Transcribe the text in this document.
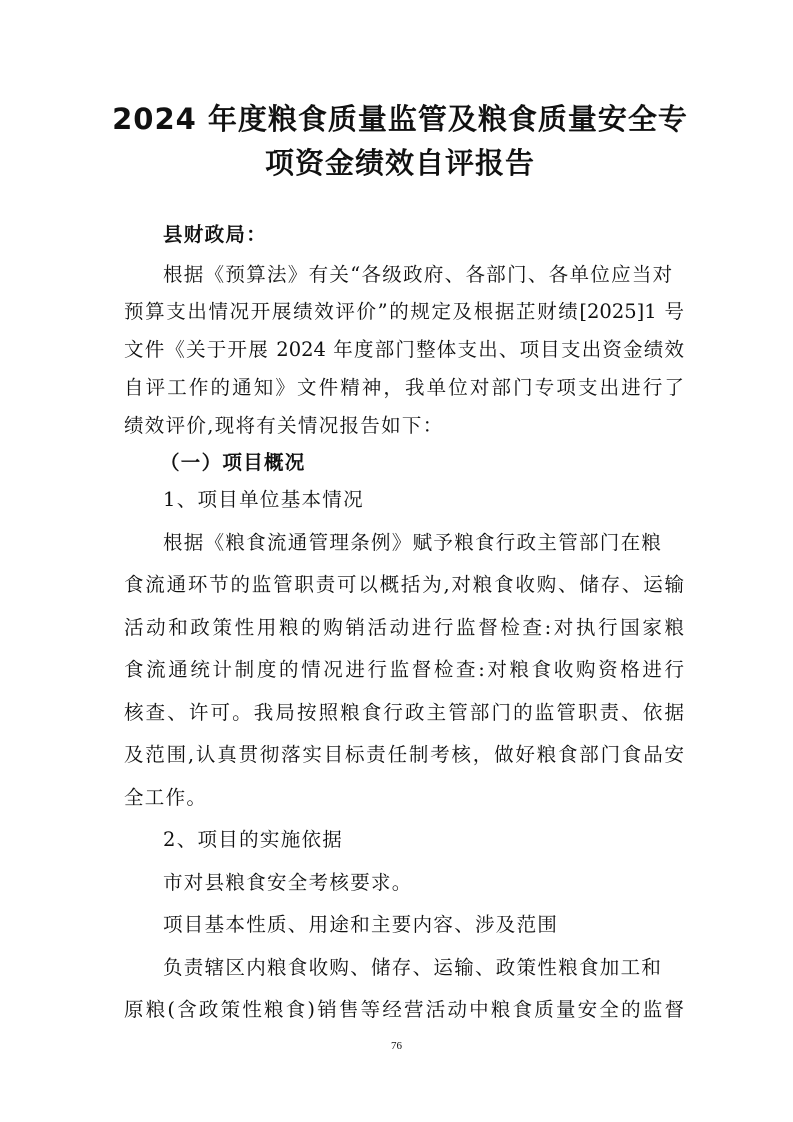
2024 年度粮食质量监管及粮食质量安全专
项资金绩效自评报告

县财政局：

根据《预算法》有关“各级政府、各部门、各单位应当对

预算支出情况开展绩效评价”的规定及根据芷财绩[2025]1 号

文件《关于开展 2024 年度部门整体支出、项目支出资金绩效

自评工作的通知》文件精神，我单位对部门专项支出进行了

绩效评价,现将有关情况报告如下：

（一）项目概况

1、项目单位基本情况

根据《粮食流通管理条例》赋予粮食行政主管部门在粮

食流通环节的监管职责可以概括为,对粮食收购、储存、运输

活动和政策性用粮的购销活动进行监督检查:对执行国家粮

食流通统计制度的情况进行监督检查:对粮食收购资格进行

核查、许可。我局按照粮食行政主管部门的监管职责、依据

及范围,认真贯彻落实目标责任制考核，做好粮食部门食品安

全工作。

2、项目的实施依据

市对县粮食安全考核要求。

项目基本性质、用途和主要内容、涉及范围

负责辖区内粮食收购、储存、运输、政策性粮食加工和

原粮(含政策性粮食)销售等经营活动中粮食质量安全的监督

76
